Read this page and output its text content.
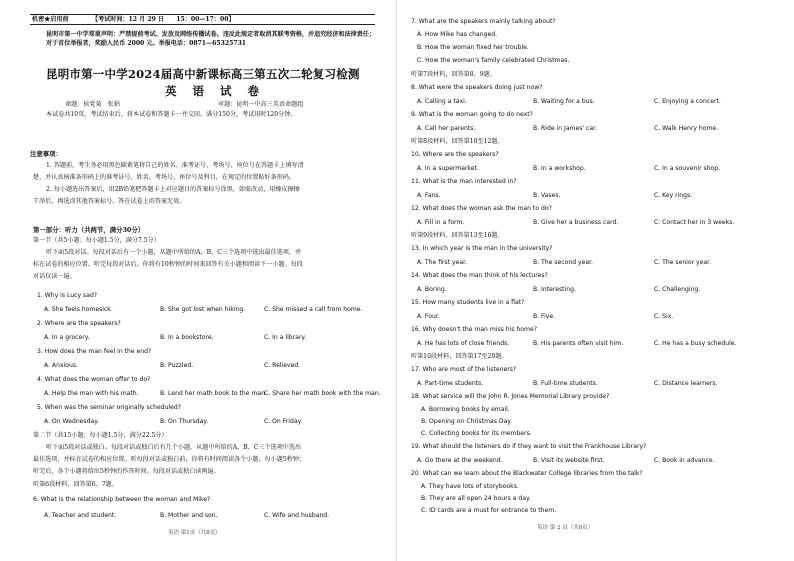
机密★启用前	【考试时间：12 月 29 日　　15：00—17：00】
昆明市第一中学郑重声明：严禁提前考试、发放及网络传播试卷。违反此规定者取消其联考资格，并追究经济和法律责任；对于首位举报者，奖励人民币 2000 元。举报电话：0871—65325731
昆明市第一中学2024届高中新课标高三第五次二轮复习检测
英 语 试 卷
命题：侯党菊　张娟	审题：昆明一中高三英语命题组
本试卷共10页。考试结束后，将本试卷和答题卡一并交回。满分150分，考试用时120分钟。
注意事项：
1. 答题前，考生务必用黑色碳素笔将自己的姓名、准考证号、考场号、座位号在答题卡上填写清
楚，并认真核准条形码上的准考证号、姓名、考场号、座位号及科目，在规定的位置贴好条形码。
2. 每小题选出答案后，用2B铅笔把答题卡上对应题目的答案标号涂黑。如需改动，用橡皮擦擦
干净后，再选涂其他答案标号。答在试卷上的答案无效。
第一部分：听力（共两节，满分30分）
第一节（共5小题；每小题1.5分，满分7.5分）
听下面5段对话。每段对话后有一个小题，从题中所给的A、B、C三个选项中选出最佳选项，并
标在试卷的相应位置。听完每段对话后，你将有10秒钟的时间来回答有关小题和阅读下一小题。每段
对话仅读一遍。
1. Why is Lucy sad?
A. She feels homesick.	B. She got lost when hiking.	C. She missed a call from home.
2. Where are the speakers?
A. In a grocery.	B. In a bookstore.	C. In a library.
3. How does the man feel in the end?
A. Anxious.	B. Puzzled.	C. Relieved.
4. What does the woman offer to do?
A. Help the man with his math.	B. Lend her math book to the man.
C. Share her math book with the man.
5. When was the seminar originally scheduled?
A. On Wednesday.	B. On Thursday.	C. On Friday.
第二节（共15小题；每小题1.5分，满分22.5分）
听下面5段对话或独白。每段对话或独白后有几个小题，从题中所给的A、B、C三个选项中选出
最佳选项，并标在试卷的相应位置。听每段对话或独白前，你将有时间阅读各个小题，每小题5秒钟；
听完后，各个小题将给出5秒钟的作答时间。每段对话或独白读两遍。
听第6段材料，回答第6、7题。
6. What is the relationship between the woman and Mike?
A. Teacher and student.	B. Mother and son.	C. Wife and husband.
英语·第1页（共8页）
7. What are the speakers mainly talking about?
A. How Mike has changed.
B. How the woman fixed her trouble.
C. How the woman's family celebrated Christmas.
听第7段材料，回答第8、9题。
8. What were the speakers doing just now?
A. Calling a taxi.	B. Waiting for a bus.	C. Enjoying a concert.
9. What is the woman going to do next?
A. Call her parents.	B. Ride in James' car.	C. Walk Henry home.
听第8段材料，回答第10至12题。
10. Where are the speakers?
A. In a supermarket.	B. In a workshop.	C. In a souvenir shop.
11. What is the man interested in?
A. Fans.	B. Vases.	C. Key rings.
12. What does the woman ask the man to do?
A. Fill in a form.	B. Give her a business card.	C. Contact her in 3 weeks.
听第9段材料，回答第13至16题。
13. In which year is the man in the university?
A. The first year.	B. The second year.	C. The senior year.
14. What does the man think of his lectures?
A. Boring.	B. Interesting.	C. Challenging.
15. How many students live in a flat?
A. Four.	B. Five.	C. Six.
16. Why doesn't the man miss his home?
A. He has lots of close friends.	B. His parents often visit him.	C. He has a busy schedule.
听第10段材料，回答第17至20题。
17. Who are most of the listeners?
A. Part-time students.	B. Full-time students.	C. Distance learners.
18. What service will the John R. Jones Memorial Library provide?
A. Borrowing books by email.
B. Opening on Christmas Day.
C. Collecting books for its members.
19. What should the listeners do if they want to visit the Frankhouse Library?
A. Go there at the weekend.	B. Visit its website first.	C. Book in advance.
20. What can we learn about the Blackwater College libraries from the talk?
A. They have lots of storybooks.
B. They are all open 24 hours a day.
C. ID cards are a must for entrance to them.
英语·第 2 页（共8页）
